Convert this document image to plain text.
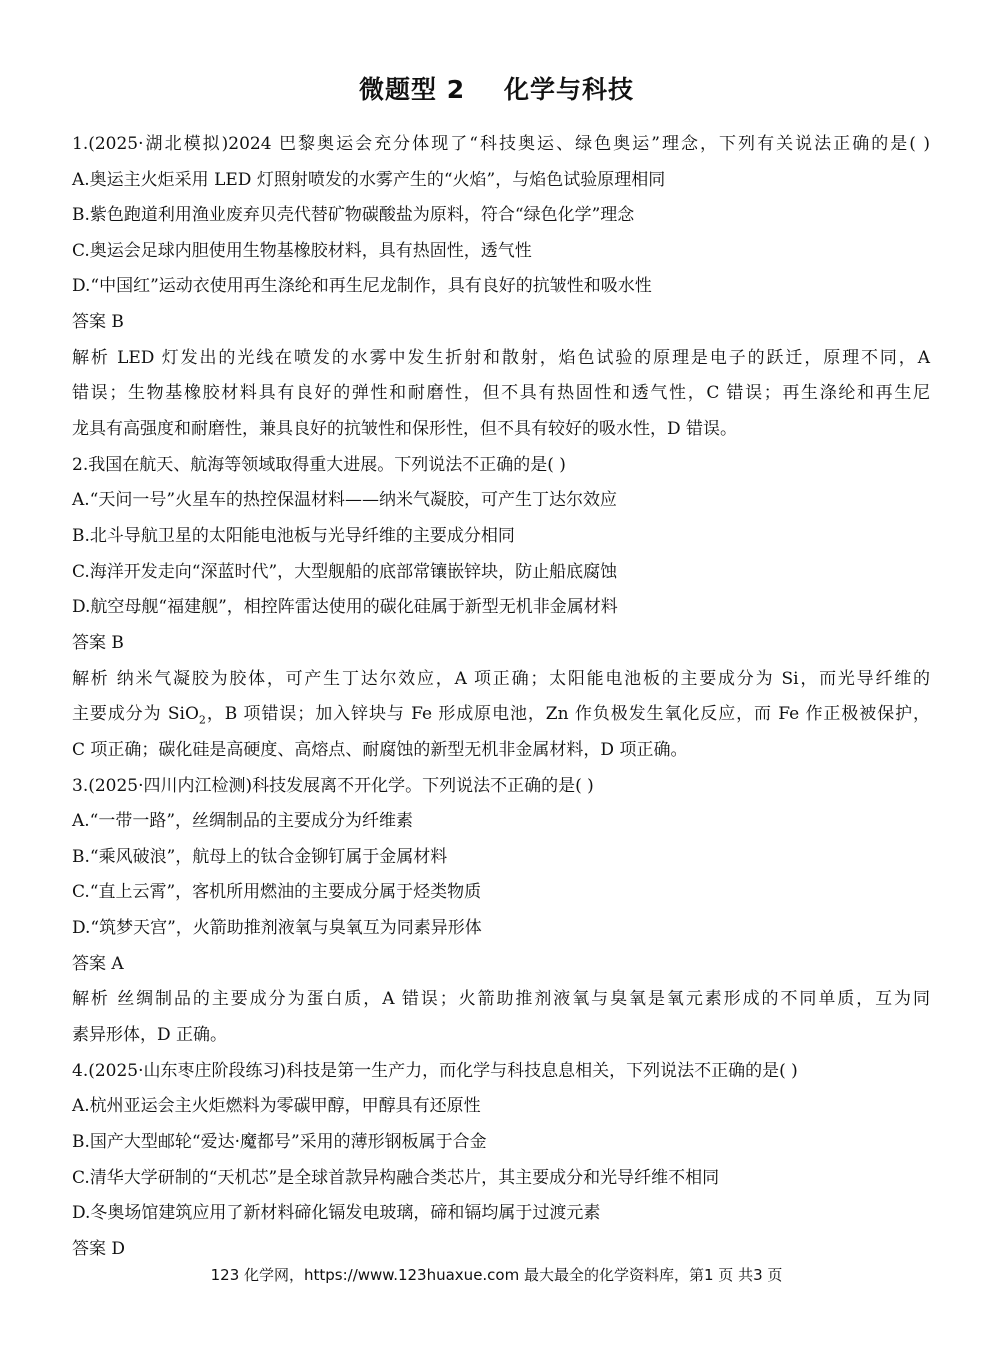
微题型 2    化学与科技
1.(2025·湖北模拟)2024 巴黎奥运会充分体现了“科技奥运、绿色奥运”理念，下列有关说法正确的是( )
A.奥运主火炬采用 LED 灯照射喷发的水雾产生的“火焰”，与焰色试验原理相同
B.紫色跑道利用渔业废弃贝壳代替矿物碳酸盐为原料，符合“绿色化学”理念
C.奥运会足球内胆使用生物基橡胶材料，具有热固性，透气性
D.“中国红”运动衣使用再生涤纶和再生尼龙制作，具有良好的抗皱性和吸水性
答案 B
解析 LED 灯发出的光线在喷发的水雾中发生折射和散射，焰色试验的原理是电子的跃迁，原理不同，A
错误；生物基橡胶材料具有良好的弹性和耐磨性，但不具有热固性和透气性，C 错误；再生涤纶和再生尼
龙具有高强度和耐磨性，兼具良好的抗皱性和保形性，但不具有较好的吸水性，D 错误。
2.我国在航天、航海等领域取得重大进展。下列说法不正确的是( )
A.“天问一号”火星车的热控保温材料——纳米气凝胶，可产生丁达尔效应
B.北斗导航卫星的太阳能电池板与光导纤维的主要成分相同
C.海洋开发走向“深蓝时代”，大型舰船的底部常镶嵌锌块，防止船底腐蚀
D.航空母舰“福建舰”，相控阵雷达使用的碳化硅属于新型无机非金属材料
答案 B
解析 纳米气凝胶为胶体，可产生丁达尔效应，A 项正确；太阳能电池板的主要成分为 Si，而光导纤维的
主要成分为 SiO$_2$，B 项错误；加入锌块与 Fe 形成原电池，Zn 作负极发生氧化反应，而 Fe 作正极被保护，
C 项正确；碳化硅是高硬度、高熔点、耐腐蚀的新型无机非金属材料，D 项正确。
3.(2025·四川内江检测)科技发展离不开化学。下列说法不正确的是( )
A.“一带一路”，丝绸制品的主要成分为纤维素
B.“乘风破浪”，航母上的钛合金铆钉属于金属材料
C.“直上云霄”，客机所用燃油的主要成分属于烃类物质
D.“筑梦天宫”，火箭助推剂液氧与臭氧互为同素异形体
答案 A
解析 丝绸制品的主要成分为蛋白质，A 错误；火箭助推剂液氧与臭氧是氧元素形成的不同单质，互为同
素异形体，D 正确。
4.(2025·山东枣庄阶段练习)科技是第一生产力，而化学与科技息息相关，下列说法不正确的是( )
A.杭州亚运会主火炬燃料为零碳甲醇，甲醇具有还原性
B.国产大型邮轮“爱达·魔都号”采用的薄形钢板属于合金
C.清华大学研制的“天机芯”是全球首款异构融合类芯片，其主要成分和光导纤维不相同
D.冬奥场馆建筑应用了新材料碲化镉发电玻璃，碲和镉均属于过渡元素
答案 D
123 化学网，https://www.123huaxue.com 最大最全的化学资料库，第1 页 共3 页
